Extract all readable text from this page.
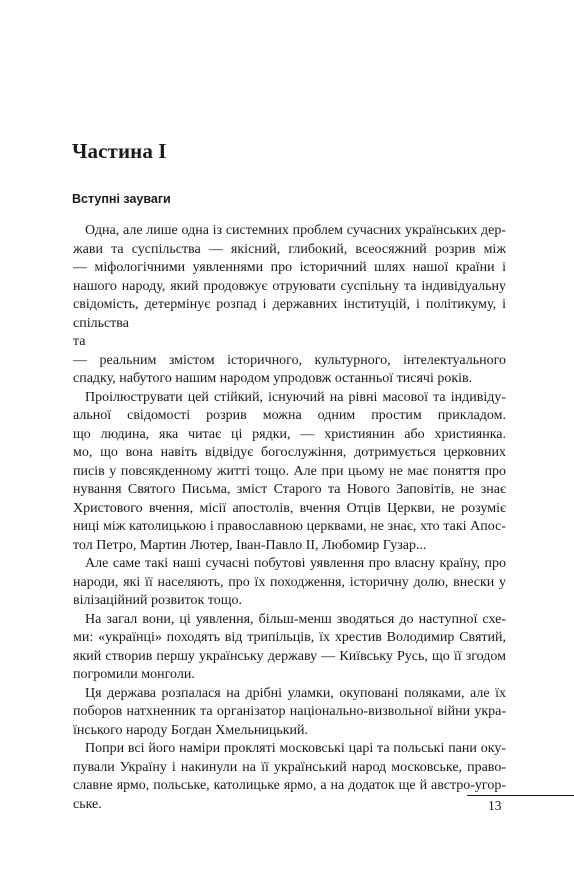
Частина I
Вступні зауваги
Одна, але лише одна із системних проблем сучасних українських дер-
жави та суспільства — якісний, глибокий, всеосяжний розрив між
— міфологічними уявленнями про історичний шлях нашої країни і
нашого народу, який продовжує отруювати суспільну та індивідуальну
свідомість, детермінує розпад і державних інституцій, і політикуму, і
спільства
та
— реальним змістом історичного, культурного, інтелектуального
спадку, набутого нашим народом упродовж останньої тисячі років.
Проілюструвати цей стійкий, існуючий на рівні масової та індивіду-
альної свідомості розрив можна одним простим прикладом.
що людина, яка читає ці рядки, — християнин або християнка.
мо, що вона навіть відвідує богослужіння, дотримується церковних
писів у повсякденному житті тощо. Але при цьому не має поняття про
нування Святого Письма, зміст Старого та Нового Заповітів, не знає
Христового вчення, місії апостолів, вчення Отців Церкви, не розуміє
ниці між католицькою і православною церквами, не знає, хто такі Апос-
тол Петро, Мартин Лютер, Іван-Павло II, Любомир Гузар...
Але саме такі наші сучасні побутові уявлення про власну країну, про
народи, які її населяють, про їх походження, історичну долю, внески у
вілізаційний розвиток тощо.
На загал вони, ці уявлення, більш-менш зводяться до наступної схе-
ми: «українці» походять від трипільців, їх хрестив Володимир Святий,
який створив першу українську державу — Київську Русь, що її згодом
погромили монголи.
Ця держава розпалася на дрібні уламки, окуповані поляками, але їх
поборов натхненник та організатор національно-визвольної війни укра-
їнського народу Богдан Хмельницький.
Попри всі його наміри прокляті московські царі та польські пани оку-
пували Україну і накинули на її український народ московське, право-
славне ярмо, польське, католицьке ярмо, а на додаток ще й австро-угор-
ське.	13
